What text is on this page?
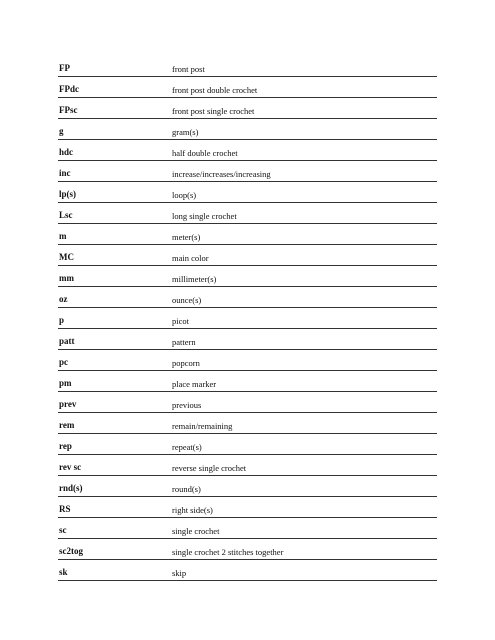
FP	front post
FPdc	front post double crochet
FPsc	front post single crochet
g	gram(s)
hdc	half double crochet
inc	increase/increases/increasing
lp(s)	loop(s)
Lsc	long single crochet
m	meter(s)
MC	main color
mm	millimeter(s)
oz	ounce(s)
p	picot
patt	pattern
pc	popcorn
pm	place marker
prev	previous
rem	remain/remaining
rep	repeat(s)
rev sc	reverse single crochet
rnd(s)	round(s)
RS	right side(s)
sc	single crochet
sc2tog	single crochet 2 stitches together
sk	skip
